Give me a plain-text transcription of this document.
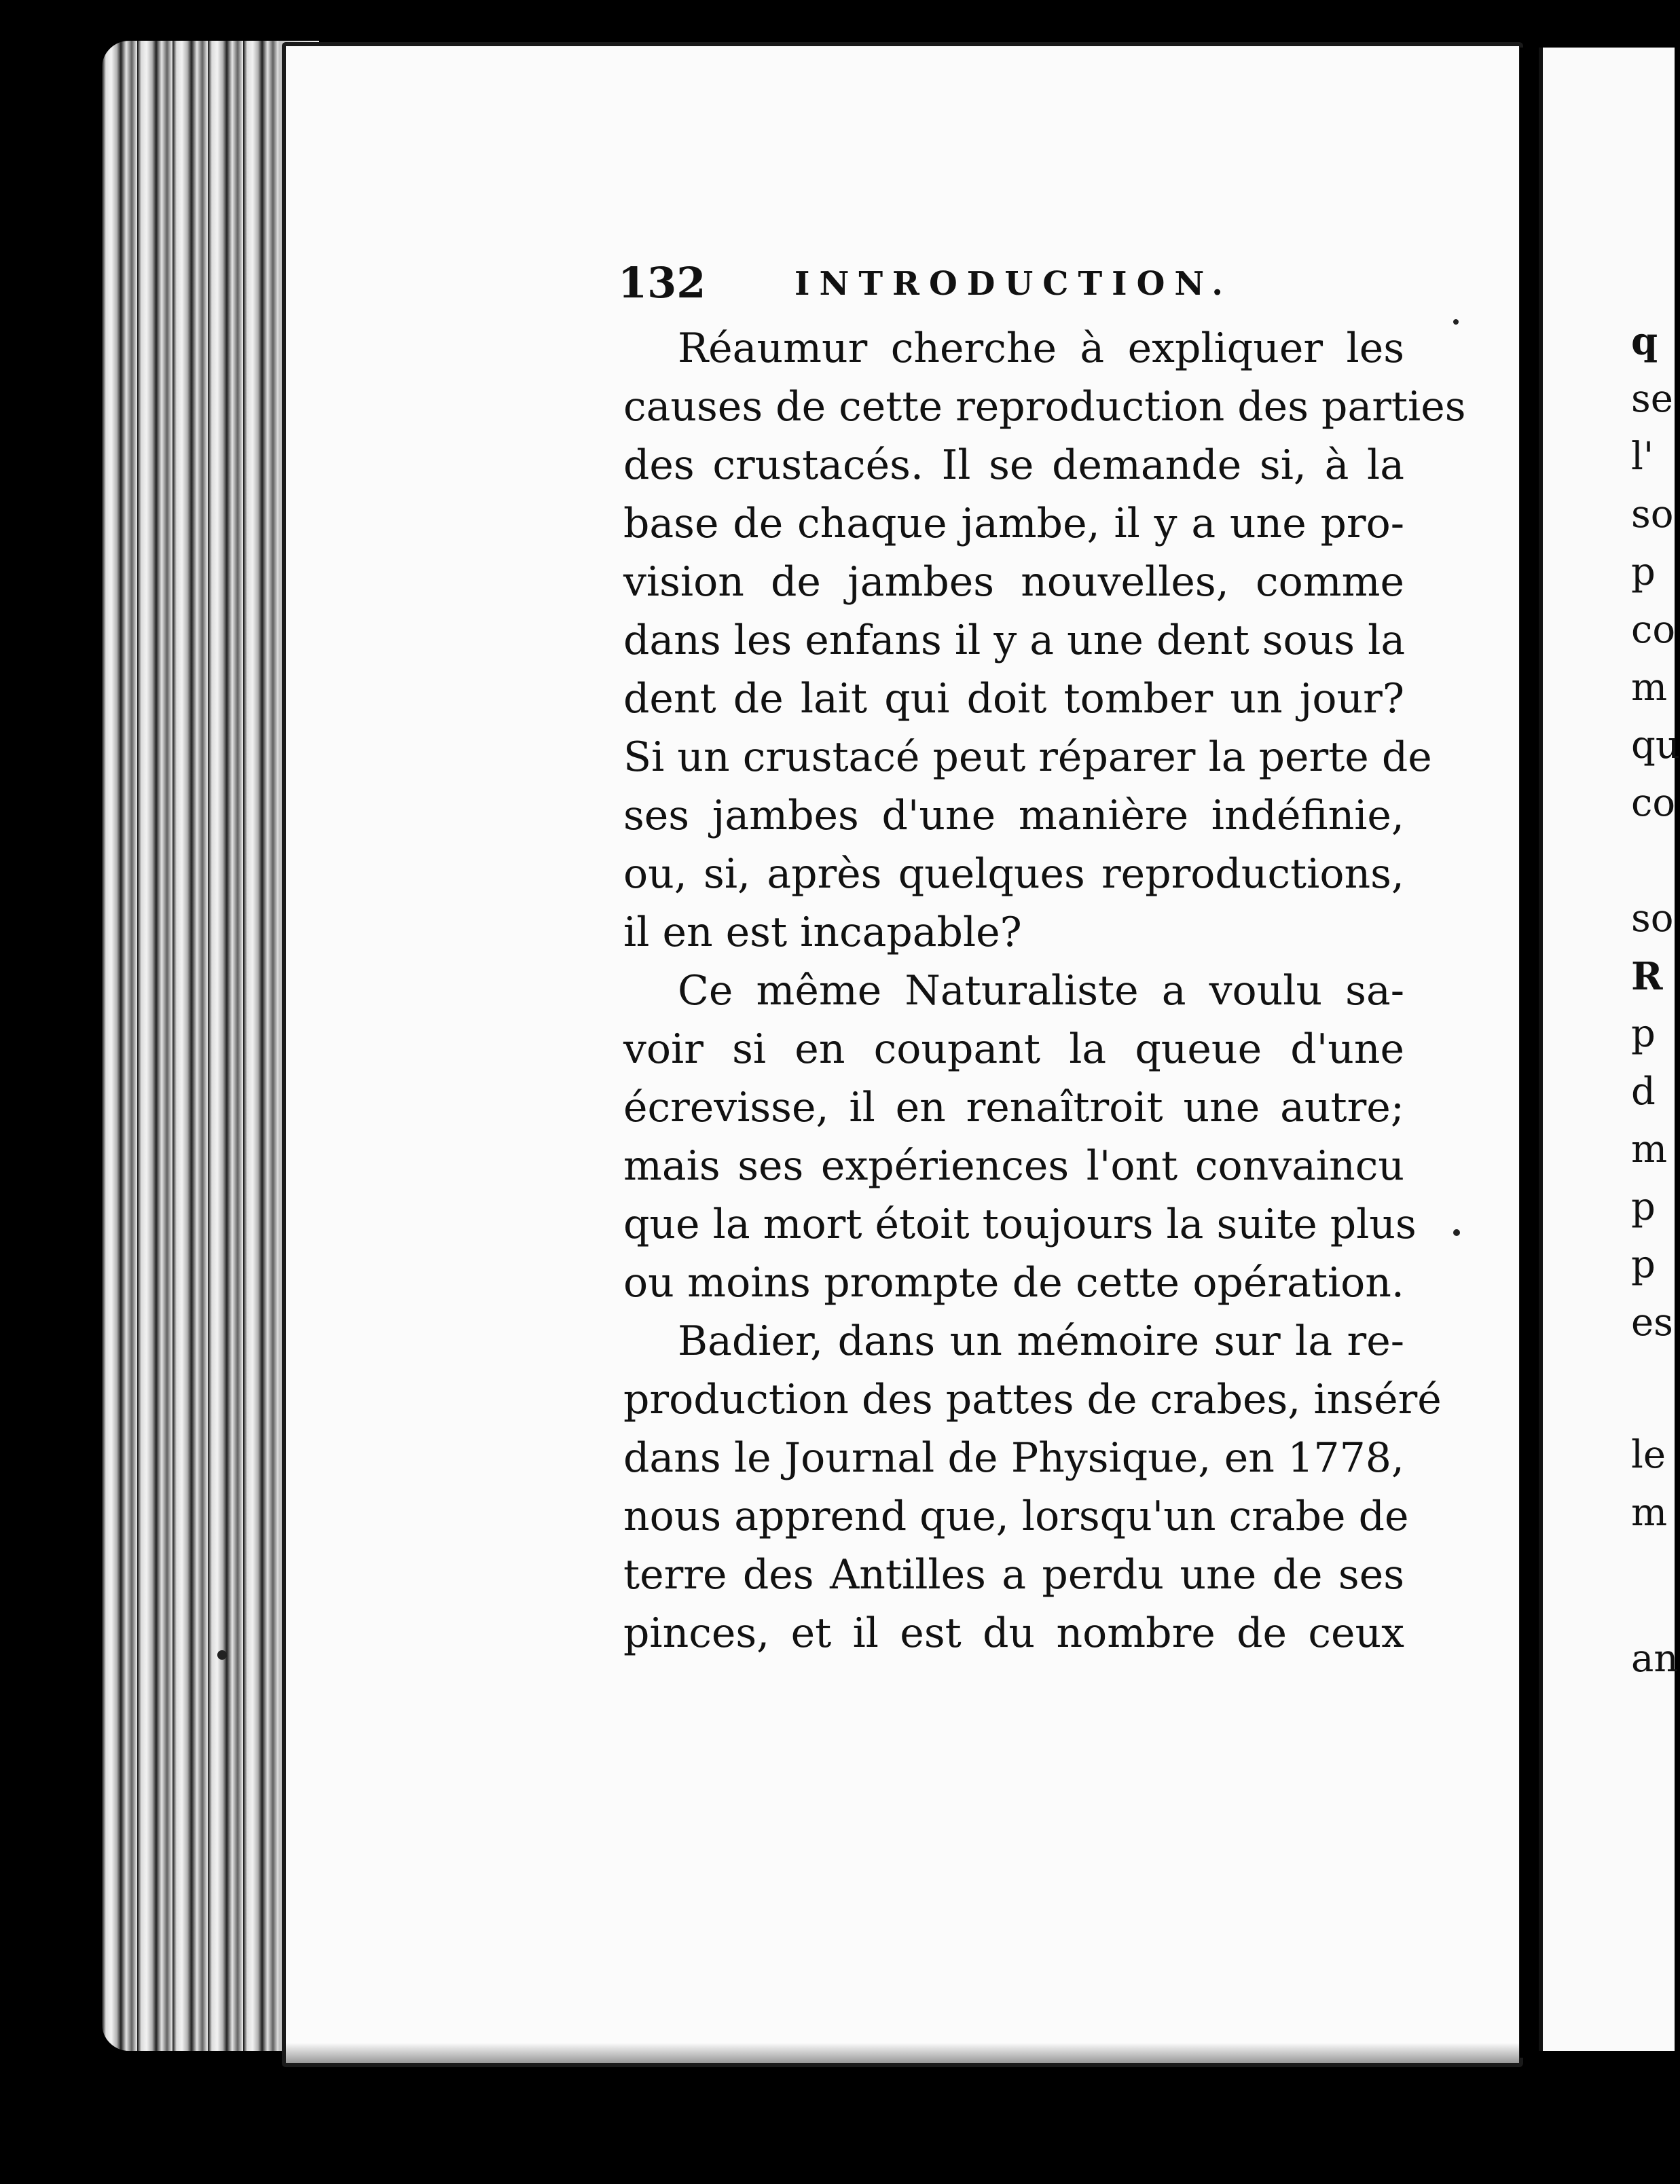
q
se
l'
so
p
co
m
qu
co
so
R
p
d
m
p
p
es
le
m
an
132	INTRODUCTION.
Réaumur cherche à expliquer les
causes de cette reproduction des parties
des crustacés. Il se demande si, à la
base de chaque jambe, il y a une pro-
vision de jambes nouvelles, comme
dans les enfans il y a une dent sous la
dent de lait qui doit tomber un jour?
Si un crustacé peut réparer la perte de
ses jambes d'une manière indéfinie,
ou, si, après quelques reproductions,
il en est incapable?
Ce même Naturaliste a voulu sa-
voir si en coupant la queue d'une
écrevisse, il en renaîtroit une autre;
mais ses expériences l'ont convaincu
que la mort étoit toujours la suite plus
ou moins prompte de cette opération.
Badier, dans un mémoire sur la re-
production des pattes de crabes, inséré
dans le Journal de Physique, en 1778,
nous apprend que, lorsqu'un crabe de
terre des Antilles a perdu une de ses
pinces, et il est du nombre de ceux
